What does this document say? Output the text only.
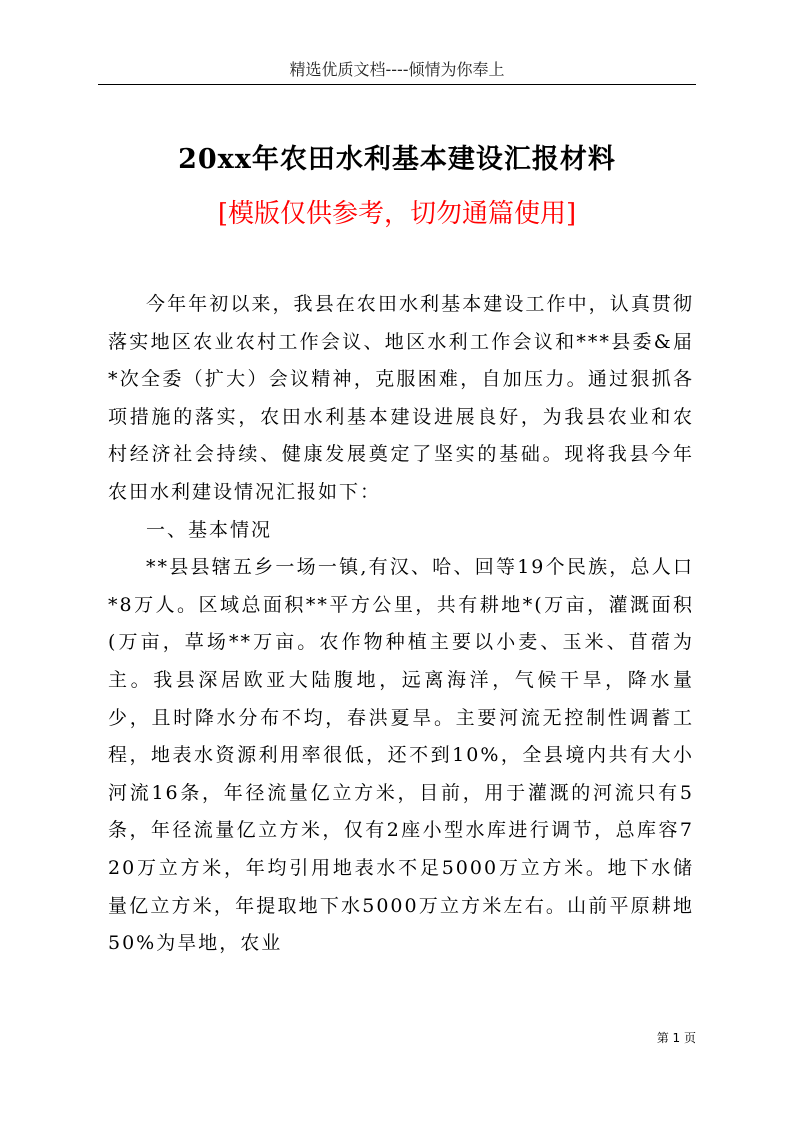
精选优质文档----倾情为你奉上
20xx年农田水利基本建设汇报材料
[模版仅供参考，切勿通篇使用]

今年年初以来，我县在农田水利基本建设工作中，认真贯彻落实地区农业农村工作会议、地区水利工作会议和***县委&届*次全委（扩大）会议精神，克服困难，自加压力。通过狠抓各项措施的落实，农田水利基本建设进展良好，为我县农业和农村经济社会持续、健康发展奠定了坚实的基础。现将我县今年农田水利建设情况汇报如下：

一、基本情况

**县县辖五乡一场一镇,有汉、哈、回等19个民族，总人口*8万人。区域总面积**平方公里，共有耕地*(万亩，灌溉面积(万亩，草场**万亩。农作物种植主要以小麦、玉米、苜蓿为主。我县深居欧亚大陆腹地，远离海洋，气候干旱，降水量少，且时降水分布不均，春洪夏旱。主要河流无控制性调蓄工程，地表水资源利用率很低，还不到10%，全县境内共有大小河流16条，年径流量亿立方米，目前，用于灌溉的河流只有5条，年径流量亿立方米，仅有2座小型水库进行调节，总库容720万立方米，年均引用地表水不足5000万立方米。地下水储量亿立方米，年提取地下水5000万立方米左右。山前平原耕地50%为旱地，农业

第 1 页
